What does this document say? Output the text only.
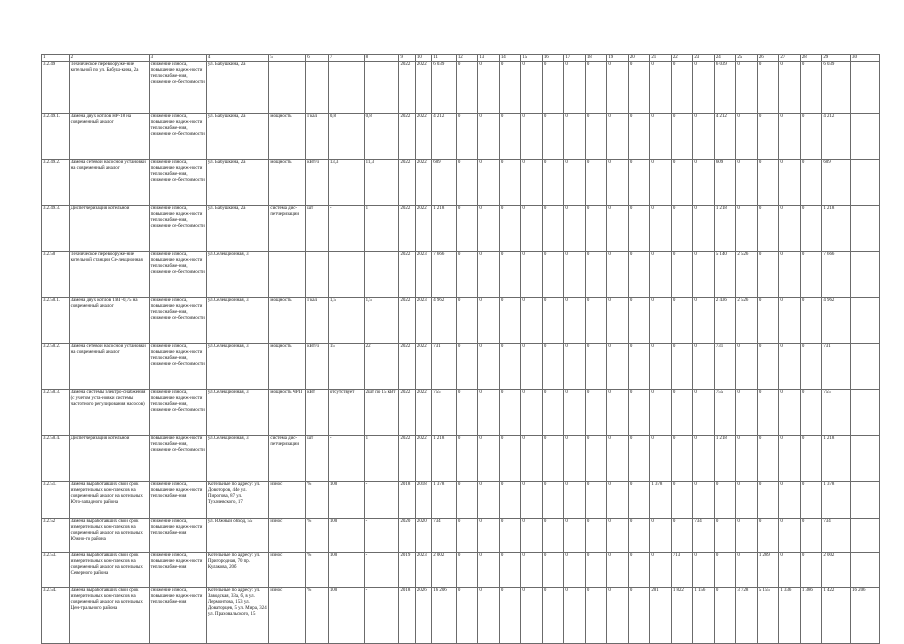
1	2	3	4	5	6	7	8	9	10	11	12	13	14	15	16	17	18	19	20	21	22	23	24	25	26	27	28	29	30
3.2.49	Техническое перевооруже-ние котельной по ул. Бабуш-кина, 2а	снижение износа, повышение надеж-ности теплоснабже-ния, снижение се-бестоимости	ул. Бабушкина, 2а					2022	2022	6 039	0	0	0	0	0	0	0	0	0	0	0	0	6 039	0	0	0	0	6 039	
3.2.49.1.	Замена двух котлов НР-18 на современный аналог	снижение износа, повышение надеж-ности теплоснабже-ния, снижение се-бестоимости	ул. Бабушкина, 2а	мощность	Гкал	0,8	0,8	2022	2022	4 212	0	0	0	0	0	0	0	0	0	0	0	0	4 212	0	0	0	0	4 212	
3.2.49.2.	Замена сетевой насосной установки на современный аналог	снижение износа, повышение надеж-ности теплоснабже-ния, снижение се-бестоимости	ул. Бабушкина, 2а	мощность	кВт/ч	13,3	11,3	2022	2022	609	0	0	0	0	0	0	0	0	0	0	0	0	609	0	0	0	0	609	
3.2.49.3.	Диспетчеризация котельной	снижение износа, повышение надеж-ности теплоснабже-ния, снижение се-бестоимости	ул. Бабушкина, 2а	система дис-петчеризации	шт	-	1	2022	2022	1 218	0	0	0	0	0	0	0	0	0	0	0	0	1 218	0	0	0	0	1 218	
3.2.50	Техническое перевооруже-ние котельной станции Се-лекционная	снижение износа, повышение надеж-ности теплоснабже-ния, снижение се-бестоимости	ул.Селекционная, 3					2022	2023	7 666	0	0	0	0	0	0	0	0	0	0	0	0	5 140	2 526	0	0	0	7 666	
3.2.50.1.	Замена двух котлов ТВГ-0,75 на современный аналог	снижение износа, повышение надеж-ности теплоснабже-ния, снижение се-бестоимости	ул.Селекционная, 3	мощность	Гкал	1,5	1,5	2022	2023	4 962	0	0	0	0	0	0	0	0	0	0	0	0	2 436	2 526	0	0	0	4 962	
3.2.50.2.	Замена сетевой насосной установки на современный аналог	снижение износа, повышение надеж-ности теплоснабже-ния, снижение се-бестоимости	ул.Селекционная, 3	мощность	кВт/ч	15	22	2022	2022	731	0	0	0	0	0	0	0	0	0	0	0	0	731	0	0	0	0	731	
3.2.50.3.	Замена системы электро-снабжения (с учетом уста-новки системы частотного регулирования насосов)	снижение износа, повышение надеж-ности теплоснабже-ния, снижение се-бестоимости	ул.Селекционная, 3	мощность ЧРП	кВт	отсутствует	2шт по 15 кВт	2022	2022	755	0	0	0	0	0	0	0	0	0	0	0	0	755	0	0	0	0	755	
3.2.50.4.	Диспетчеризация котельной	повышение надеж-ности теплоснабже-ния, снижение се-бестоимости	ул.Селекционная, 3	система дис-петчеризации	шт	-	1	2022	2022	1 218	0	0	0	0	0	0	0	0	0	0	0	0	1 218	0	0	0	0	1 218	
3.2.51.	Замена выработавших свой срок измерительных ком-плексов на современный аналог на котельных Юго-западного района	снижение износа, повышение надеж-ности теплоснабже-ния	Котельные по адресу: ул. Довоторов, 44е ул. Пирогова, 87 ул. Тухачевского, 17	износ	%	100	-	2018	2018	1 378	0	0	0	0	0	0	0	0	0	1 378	0	0	0	0	0	0	0	1 378	
3.2.52	Замена выработавших свой срок измерительных ком-плексов на современный аналог на котельных Южно-го района	снижение износа, повышение надеж-ности теплоснабже-ния	ул. Южный обход, 55	износ	%	100	-	2020	2020	734	0	0	0	0	0	0	0	0	0	0	0	734	0	0	0	0	0	734	
3.2.53.	Замена выработавших свой срок измерительных ком-плексов на современный аналог на котельных Северного района	снижение износа, повышение надеж-ности теплоснабже-ния	Котельные по адресу: ул. Пригородная, 70 пр. Кулакова, 20б	износ	%	100	-	2019	2023	2 002	0	0	0	0	0	0	0	0	0	0	713	0	0	0	1 289	0	0	2 002	
3.2.54.	Замена выработавших свой срок измерительных ком-плексов на современный аналог на котельных Цен-трального района	снижение износа, повышение надеж-ности теплоснабже-ния	Котельные по адресу: ул. Заводская, 33а, б, в ул. Лермонтова, 153 ул. Доваторцев, 5 ул. Мира, 324 ул. Праховальского, 15	износ	%	100	-	2018	2026	16 206	0	0	0	0	0	0	0	0	0	201	1 822	1 156	0	3 728	5 155	1 336	1 386	1 422	16 206
